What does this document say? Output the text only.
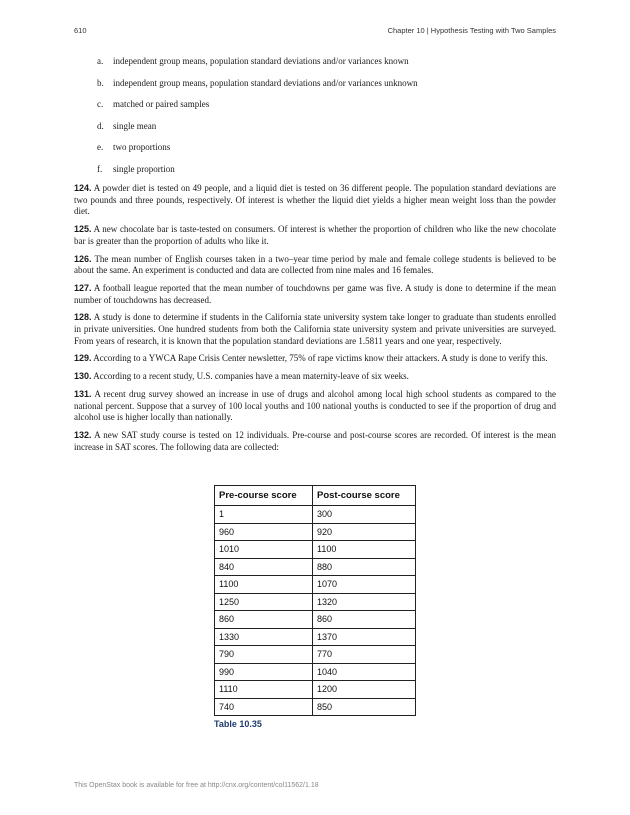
610	Chapter 10 | Hypothesis Testing with Two Samples
a. independent group means, population standard deviations and/or variances known
b. independent group means, population standard deviations and/or variances unknown
c. matched or paired samples
d. single mean
e. two proportions
f. single proportion

124. A powder diet is tested on 49 people, and a liquid diet is tested on 36 different people. The population standard deviations are two pounds and three pounds, respectively. Of interest is whether the liquid diet yields a higher mean weight loss than the powder diet.

125. A new chocolate bar is taste-tested on consumers. Of interest is whether the proportion of children who like the new chocolate bar is greater than the proportion of adults who like it.

126. The mean number of English courses taken in a two–year time period by male and female college students is believed to be about the same. An experiment is conducted and data are collected from nine males and 16 females.

127. A football league reported that the mean number of touchdowns per game was five. A study is done to determine if the mean number of touchdowns has decreased.

128. A study is done to determine if students in the California state university system take longer to graduate than students enrolled in private universities. One hundred students from both the California state university system and private universities are surveyed. From years of research, it is known that the population standard deviations are 1.5811 years and one year, respectively.

129. According to a YWCA Rape Crisis Center newsletter, 75% of rape victims know their attackers. A study is done to verify this.

130. According to a recent study, U.S. companies have a mean maternity-leave of six weeks.

131. A recent drug survey showed an increase in use of drugs and alcohol among local high school students as compared to the national percent. Suppose that a survey of 100 local youths and 100 national youths is conducted to see if the proportion of drug and alcohol use is higher locally than nationally.

132. A new SAT study course is tested on 12 individuals. Pre-course and post-course scores are recorded. Of interest is the mean increase in SAT scores. The following data are collected:

Pre-course score	Post-course score
1	300
960	920
1010	1100
840	880
1100	1070
1250	1320
860	860
1330	1370
790	770
990	1040
1110	1200
740	850
Table 10.35
This OpenStax book is available for free at http://cnx.org/content/col11562/1.18
